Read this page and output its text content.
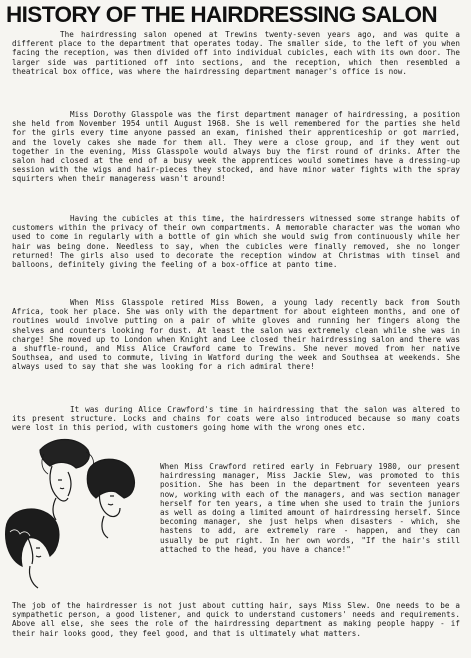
HISTORY OF THE HAIRDRESSING SALON

The hairdressing salon opened at Trewins twenty-seven years ago, and was quite a different place to the department that operates today. The smaller side, to the left of you when facing the reception, was then divided off into individual cubicles, each with its own door. The larger side was partitioned off into sections, and the reception, which then resembled a theatrical box office, was where the hairdressing department manager's office is now.

Miss Dorothy Glasspole was the first department manager of hairdressing, a position she held from November 1954 until August 1968. She is well remembered for the parties she held for the girls every time anyone passed an exam, finished their apprenticeship or got married, and the lovely cakes she made for them all. They were a close group, and if they went out together in the evening, Miss Glasspole would always buy the first round of drinks. After the salon had closed at the end of a busy week the apprentices would sometimes have a dressing-up session with the wigs and hair-pieces they stocked, and have minor water fights with the spray squirters when their manageress wasn't around!

Having the cubicles at this time, the hairdressers witnessed some strange habits of customers within the privacy of their own compartments. A memorable character was the woman who used to come in regularly with a bottle of gin which she would swig from continuously while her hair was being done. Needless to say, when the cubicles were finally removed, she no longer returned! The girls also used to decorate the reception window at Christmas with tinsel and balloons, definitely giving the feeling of a box-office at panto time.

When Miss Glasspole retired Miss Bowen, a young lady recently back from South Africa, took her place. She was only with the department for about eighteen months, and one of routines would involve putting on a pair of white gloves and running her fingers along the shelves and counters looking for dust. At least the salon was extremely clean while she was in charge! She moved up to London when Knight and Lee closed their hairdressing salon and there was a shuffle-round, and Miss Alice Crawford came to Trewins. She never moved from her native Southsea, and used to commute, living in Watford during the week and Southsea at weekends. She always used to say that she was looking for a rich admiral there!

It was during Alice Crawford's time in hairdressing that the salon was altered to its present structure. Locks and chains for coats were also introduced because so many coats were lost in this period, with customers going home with the wrong ones etc.

When Miss Crawford retired early in February 1980, our present hairdressing manager, Miss Jackie Slew, was promoted to this position. She has been in the department for seventeen years now, working with each of the managers, and was section manager herself for ten years, a time when she used to train the juniors as well as doing a limited amount of hairdressing herself. Since becoming manager, she just helps when disasters - which, she hastens to add, are extremely rare - happen, and they can usually be put right. In her own words, "If the hair's still attached to the head, you have a chance!"

The job of the hairdresser is not just about cutting hair, says Miss Slew. One needs to be a sympathetic person, a good listener, and quick to understand customers' needs and requirements. Above all else, she sees the role of the hairdressing department as making people happy - if their hair looks good, they feel good, and that is ultimately what matters.
